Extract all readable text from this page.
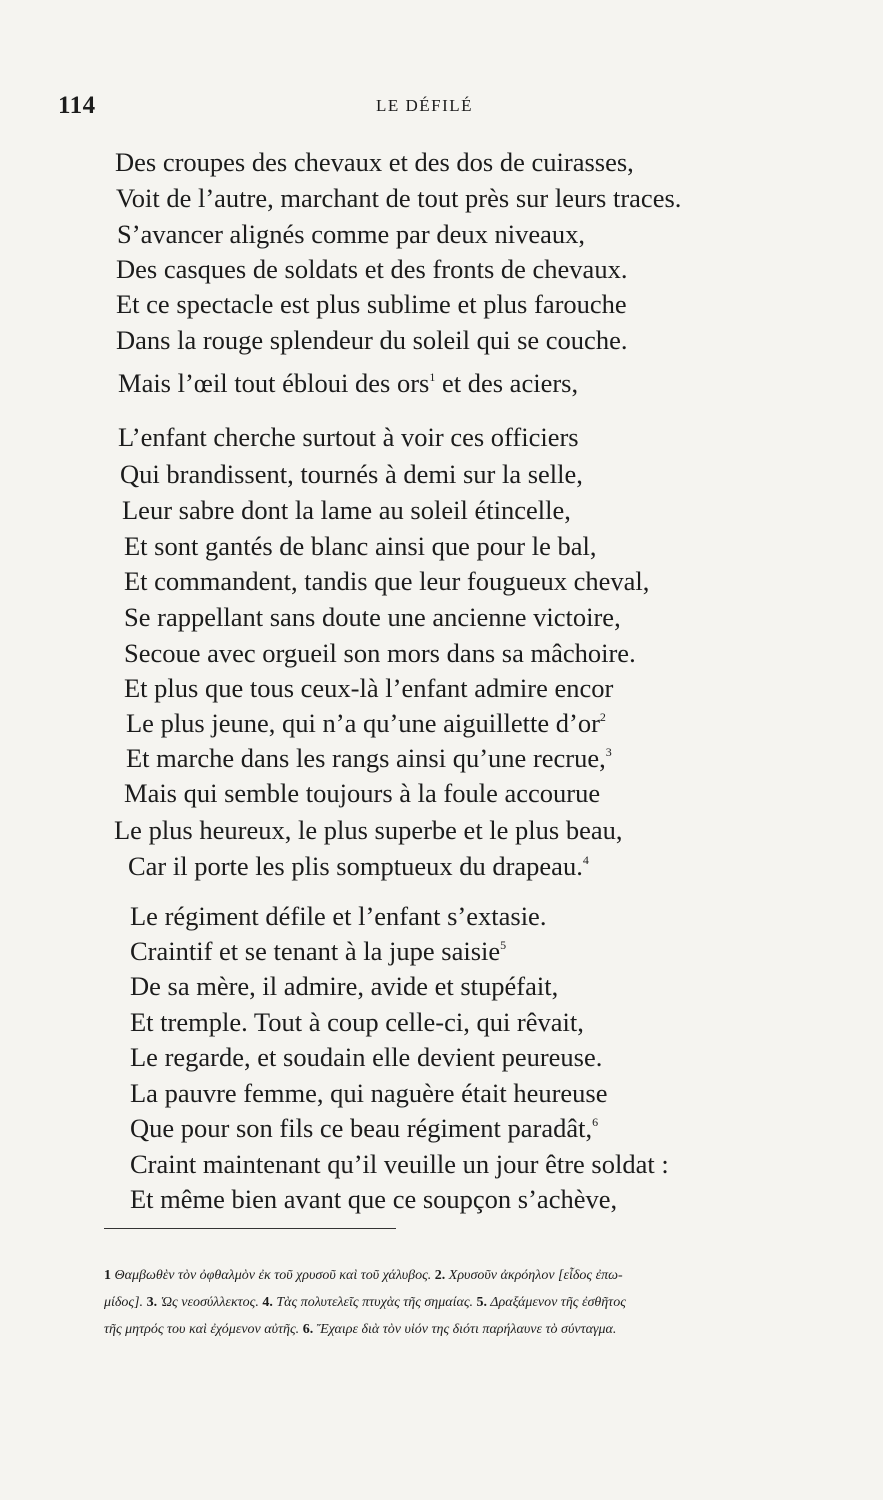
114	LE DÉFILÉ
Des croupes des chevaux et des dos de cuirasses,
Voit de l’autre, marchant de tout près sur leurs traces.
S’avancer alignés comme par deux niveaux,
Des casques de soldats et des fronts de chevaux.
Et ce spectacle est plus sublime et plus farouche
Dans la rouge splendeur du soleil qui se couche.
Mais l’œil tout ébloui des ors$^1$ et des aciers,
L’enfant cherche surtout à voir ces officiers
Qui brandissent, tournés à demi sur la selle,
Leur sabre dont la lame au soleil étincelle,
Et sont gantés de blanc ainsi que pour le bal,
Et commandent, tandis que leur fougueux cheval,
Se rappellant sans doute une ancienne victoire,
Secoue avec orgueil son mors dans sa mâchoire.
Et plus que tous ceux-là l’enfant admire encor
Le plus jeune, qui n’a qu’une aiguillette $d’or^2$
Et marche dans les rangs ainsi qu’une recrue,$^3$
Mais qui semble toujours à la foule accourue
Le plus heureux, le plus superbe et le plus beau,
Car il porte les plis somptueux du drapeau.$^4$
Le régiment défile et l’enfant s’extasie.
Craintif et se tenant à la jupe saisie$^5$
De sa mère, il admire, avide et stupéfait,
Et tremple. Tout à coup celle-ci, qui rêvait,
Le regarde, et soudain elle devient peureuse.
La pauvre femme, qui naguère était heureuse
Que pour son fils ce beau régiment paradât,$^6$
Craint maintenant qu’il veuille un jour être soldat :
Et même bien avant que ce soupçon s’achève,
1 Θαμβωθὲν τὸν ὀφθαλμὸν ἐκ τοῦ χρυσοῦ καὶ τοῦ χάλυβος. 2. Χρυσοῦν ἀκρόηλον [εἶδος ἐπω-
μίδος]. 3. Ὡς νεοσύλλεκτος. 4. Τὰς πολυτελεῖς πτυχὰς τῆς σημαίας. 5. Δραξάμενον τῆς ἐσθῆτος
τῆς μητρός του καὶ ἐχόμενον αὐτῆς. 6. Ἔχαιρε διὰ τὸν υἱόν της διότι παρήλαυνε τὸ σύνταγμα.
